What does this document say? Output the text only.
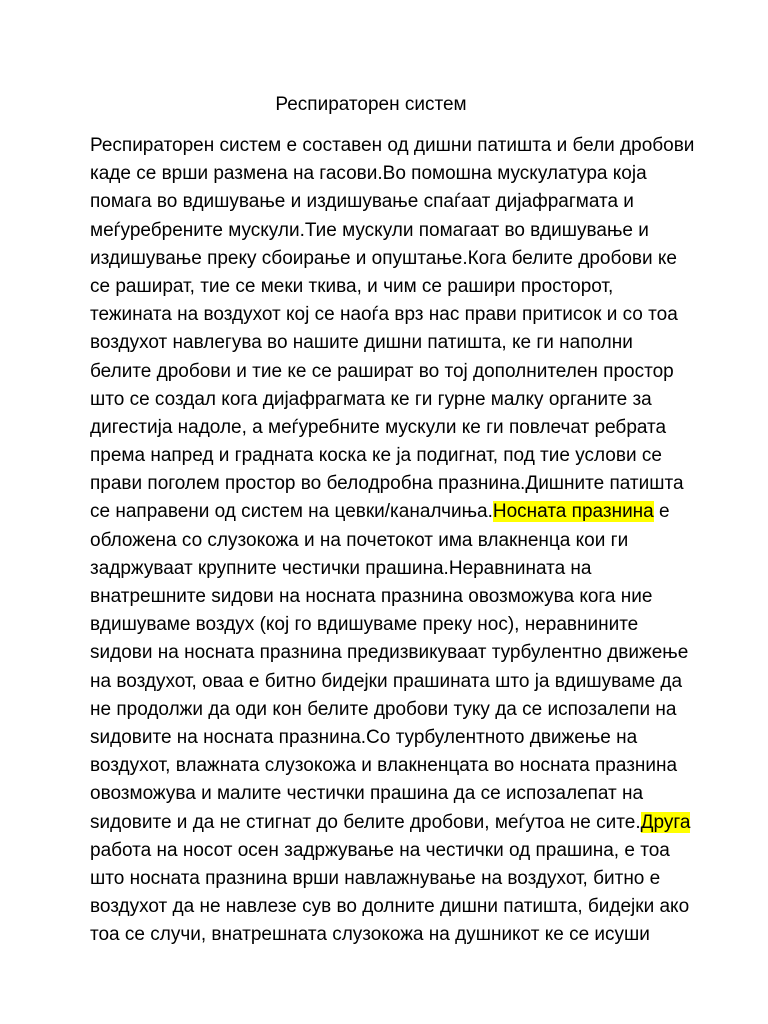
Респираторен систем
Респираторен систем е составен од дишни патишта и бели дробови
каде се врши размена на гасови.Во помошна мускулатура која
помага во вдишување и издишување спаѓаат дијафрагмата и
меѓуребрените мускули.Тие мускули помагаат во вдишување и
издишување преку сбоирање и опуштање.Кога белите дробови ке
се рашират, тие се меки ткива, и чим се рашири просторот,
тежината на воздухот кој се наоѓа врз нас прави притисок и со тоа
воздухот навлегува во нашите дишни патишта, ке ги наполни
белите дробови и тие ке се рашират во тој дополнителен простор
што се создал кога дијафрагмата ке ги гурне малку органите за
дигестија надоле, а меѓуребните мускули ке ги повлечат ребрата
према напред и градната коска ке ја подигнат, под тие услови се
прави поголем простор во белодробна празнина.Дишните патишта
се направени од систем на цевки/каналчиња.Носната празнина е
обложена со слузокожа и на почетокот има влакненца кои ги
задржуваат крупните честички прашина.Неравнината на
внатрешните ѕидови на носната празнина овозможува кога ние
вдишуваме воздух (кој го вдишуваме преку нос), неравнините
ѕидови на носната празнина предизвикуваат турбулентно движење
на воздухот, оваа е битно бидејки прашината што ја вдишуваме да
не продолжи да оди кон белите дробови туку да се испозалепи на
ѕидовите на носната празнина.Со турбулентното движење на
воздухот, влажната слузокожа и влакненцата во носната празнина
овозможува и малите честички прашина да се испозалепат на
ѕидовите и да не стигнат до белите дробови, меѓутоа не сите.Друга
работа на носот осен задржување на честички од прашина, е тоа
што носната празнина врши навлажнување на воздухот, битно е
воздухот да не навлезе сув во долните дишни патишта, бидејки ако
тоа се случи, внатрешната слузокожа на душникот ке се исуши
